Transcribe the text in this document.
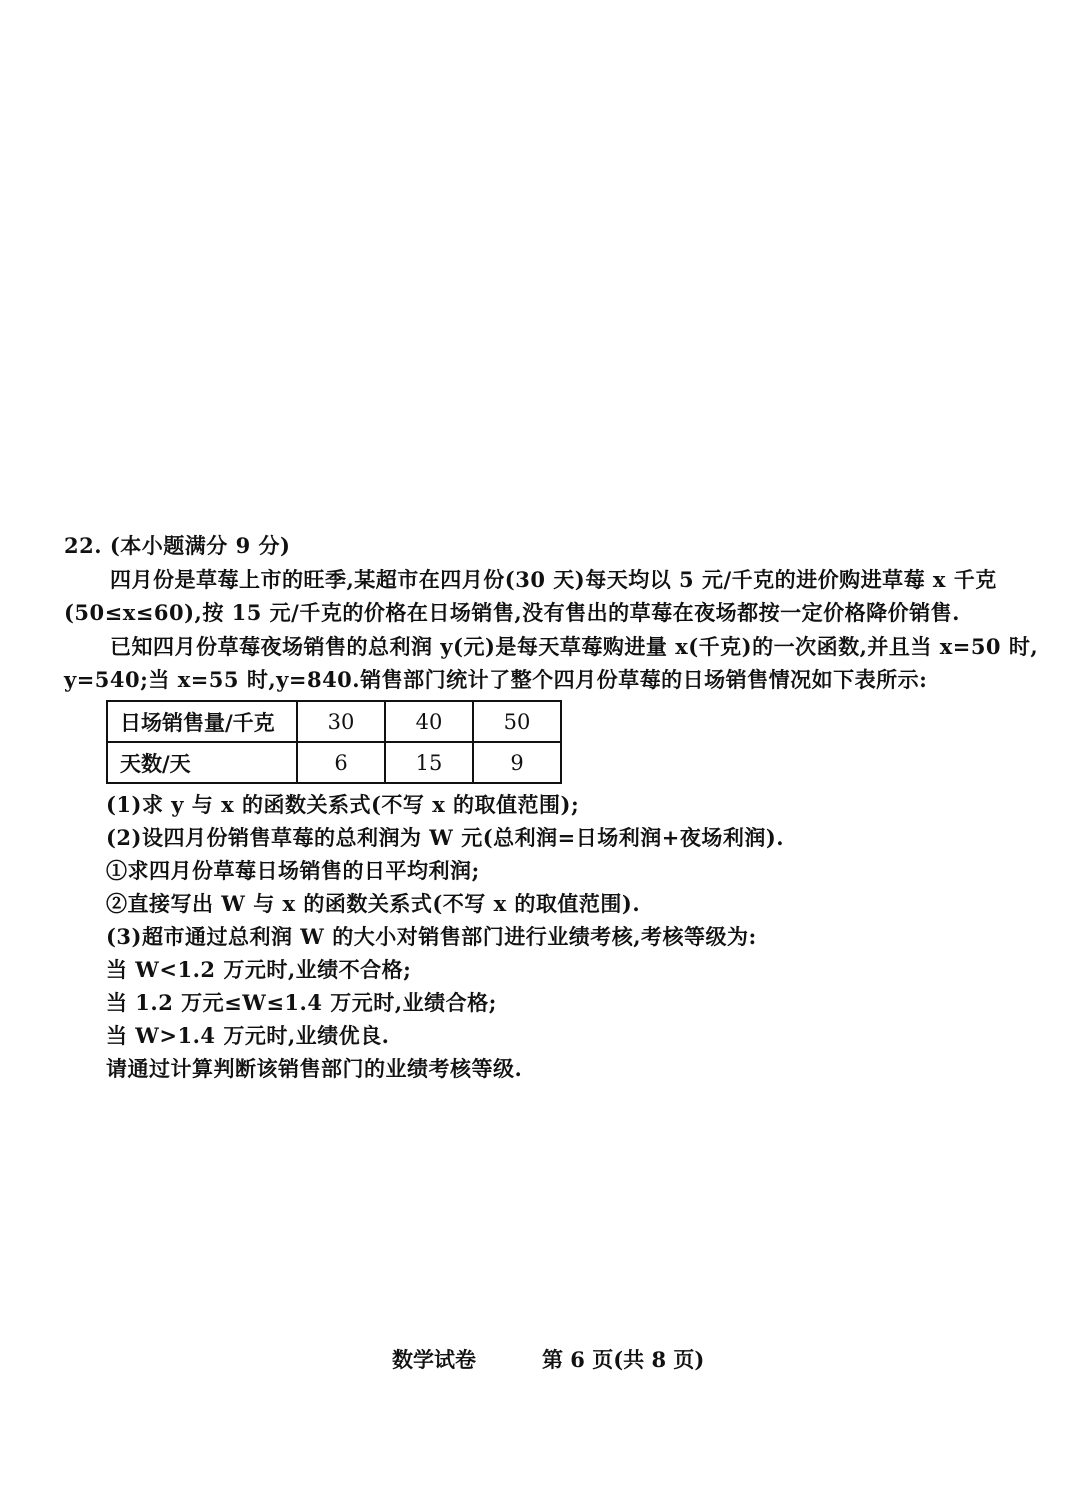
22. (本小题满分 9 分)
四月份是草莓上市的旺季,某超市在四月份(30 天)每天均以 5 元/千克的进价购进草莓 x 千克
(50≤x≤60),按 15 元/千克的价格在日场销售,没有售出的草莓在夜场都按一定价格降价销售.
已知四月份草莓夜场销售的总利润 y(元)是每天草莓购进量 x(千克)的一次函数,并且当 x=50 时,
y=540;当 x=55 时,y=840.销售部门统计了整个四月份草莓的日场销售情况如下表所示:
日场销售量/千克	30	40	50
天数/天	6	15	9
(1)求 y 与 x 的函数关系式(不写 x 的取值范围);
(2)设四月份销售草莓的总利润为 W 元(总利润=日场利润+夜场利润).
①求四月份草莓日场销售的日平均利润;
②直接写出 W 与 x 的函数关系式(不写 x 的取值范围).
(3)超市通过总利润 W 的大小对销售部门进行业绩考核,考核等级为:
当 W<1.2 万元时,业绩不合格;
当 1.2 万元≤W≤1.4 万元时,业绩合格;
当 W>1.4 万元时,业绩优良.
请通过计算判断该销售部门的业绩考核等级.
数学试卷	第 6 页(共 8 页)
